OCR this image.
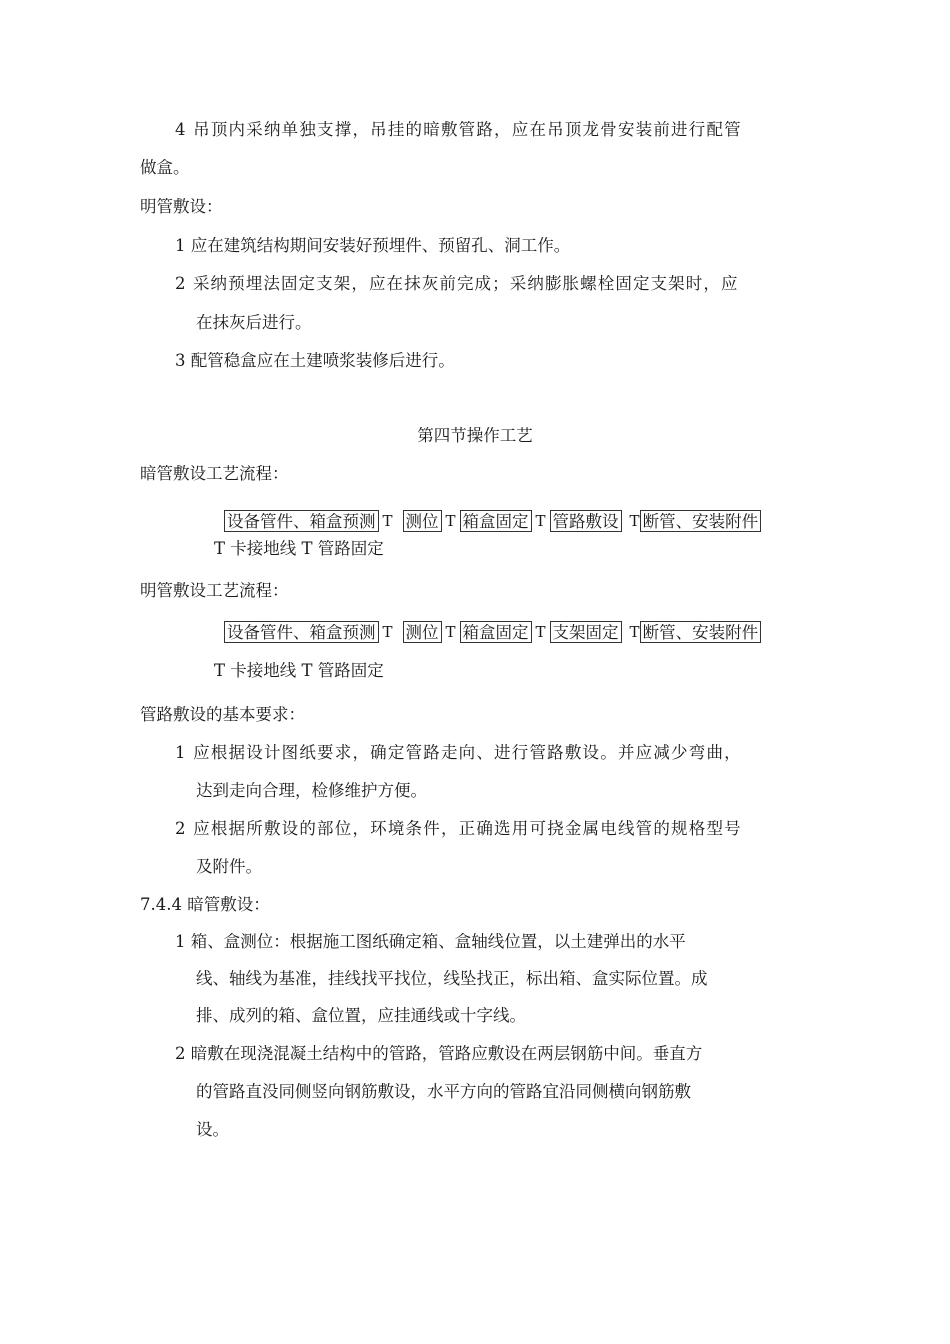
4 吊顶内采纳单独支撑，吊挂的暗敷管路，应在吊顶龙骨安装前进行配管
做盒。
明管敷设：
1 应在建筑结构期间安装好预埋件、预留孔、洞工作。
2 采纳预埋法固定支架，应在抹灰前完成；采纳膨胀螺栓固定支架时，应
在抹灰后进行。
3 配管稳盒应在土建喷浆装修后进行。
第四节操作工艺
暗管敷设工艺流程：
设备管件、箱盒预测 T 测位 T 箱盒固定 T 管路敷设 T 断管、安装附件
T 卡接地线 T 管路固定
明管敷设工艺流程：
设备管件、箱盒预测 T 测位 T 箱盒固定 T 支架固定 T 断管、安装附件
T 卡接地线 T 管路固定
管路敷设的基本要求：
1 应根据设计图纸要求，确定管路走向、进行管路敷设。并应减少弯曲，
达到走向合理，检修维护方便。
2 应根据所敷设的部位，环境条件，正确选用可挠金属电线管的规格型号
及附件。
7.4.4 暗管敷设：
1 箱、盒测位：根据施工图纸确定箱、盒轴线位置，以土建弹出的水平
线、轴线为基准，挂线找平找位，线坠找正，标出箱、盒实际位置。成
排、成列的箱、盒位置，应挂通线或十字线。
2 暗敷在现浇混凝土结构中的管路，管路应敷设在两层钢筋中间。垂直方
的管路直没同侧竖向钢筋敷设，水平方向的管路宜沿同侧横向钢筋敷
设。
